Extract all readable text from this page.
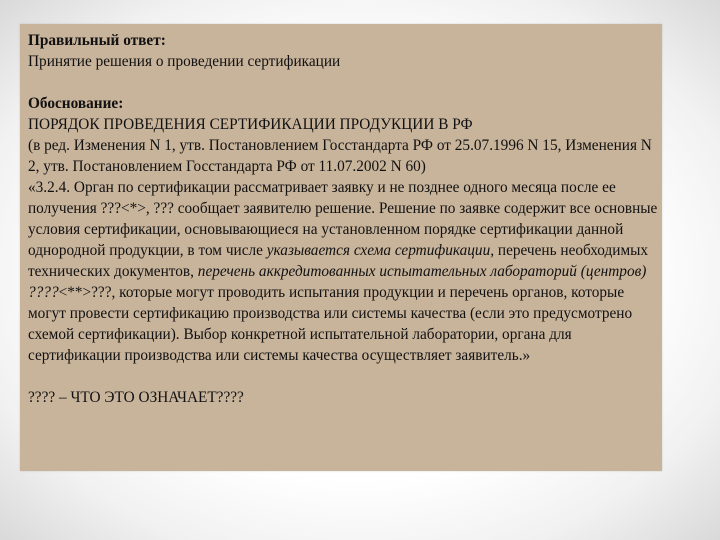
Правильный ответ:

Принятие решения о проведении сертификации

Обоснование:

ПОРЯДОК ПРОВЕДЕНИЯ СЕРТИФИКАЦИИ ПРОДУКЦИИ В РФ

(в ред. Изменения N 1, утв. Постановлением Госстандарта РФ от 25.07.1996 N 15, Изменения N 2, утв. Постановлением Госстандарта РФ от 11.07.2002 N 60)

«3.2.4. Орган по сертификации рассматривает заявку и не позднее одного месяца после ее получения ???<*>, ??? сообщает заявителю решение. Решение по заявке содержит все основные условия сертификации, основывающиеся на установленном порядке сертификации данной однородной продукции, в том числе указывается схема сертификации, перечень необходимых технических документов, перечень аккредитованных испытательных лабораторий (центров) ????<**>???, которые могут проводить испытания продукции и перечень органов, которые могут провести сертификацию производства или системы качества (если это предусмотрено схемой сертификации). Выбор конкретной испытательной лаборатории, органа для сертификации производства или системы качества осуществляет заявитель.»

???? – ЧТО ЭТО ОЗНАЧАЕТ????
